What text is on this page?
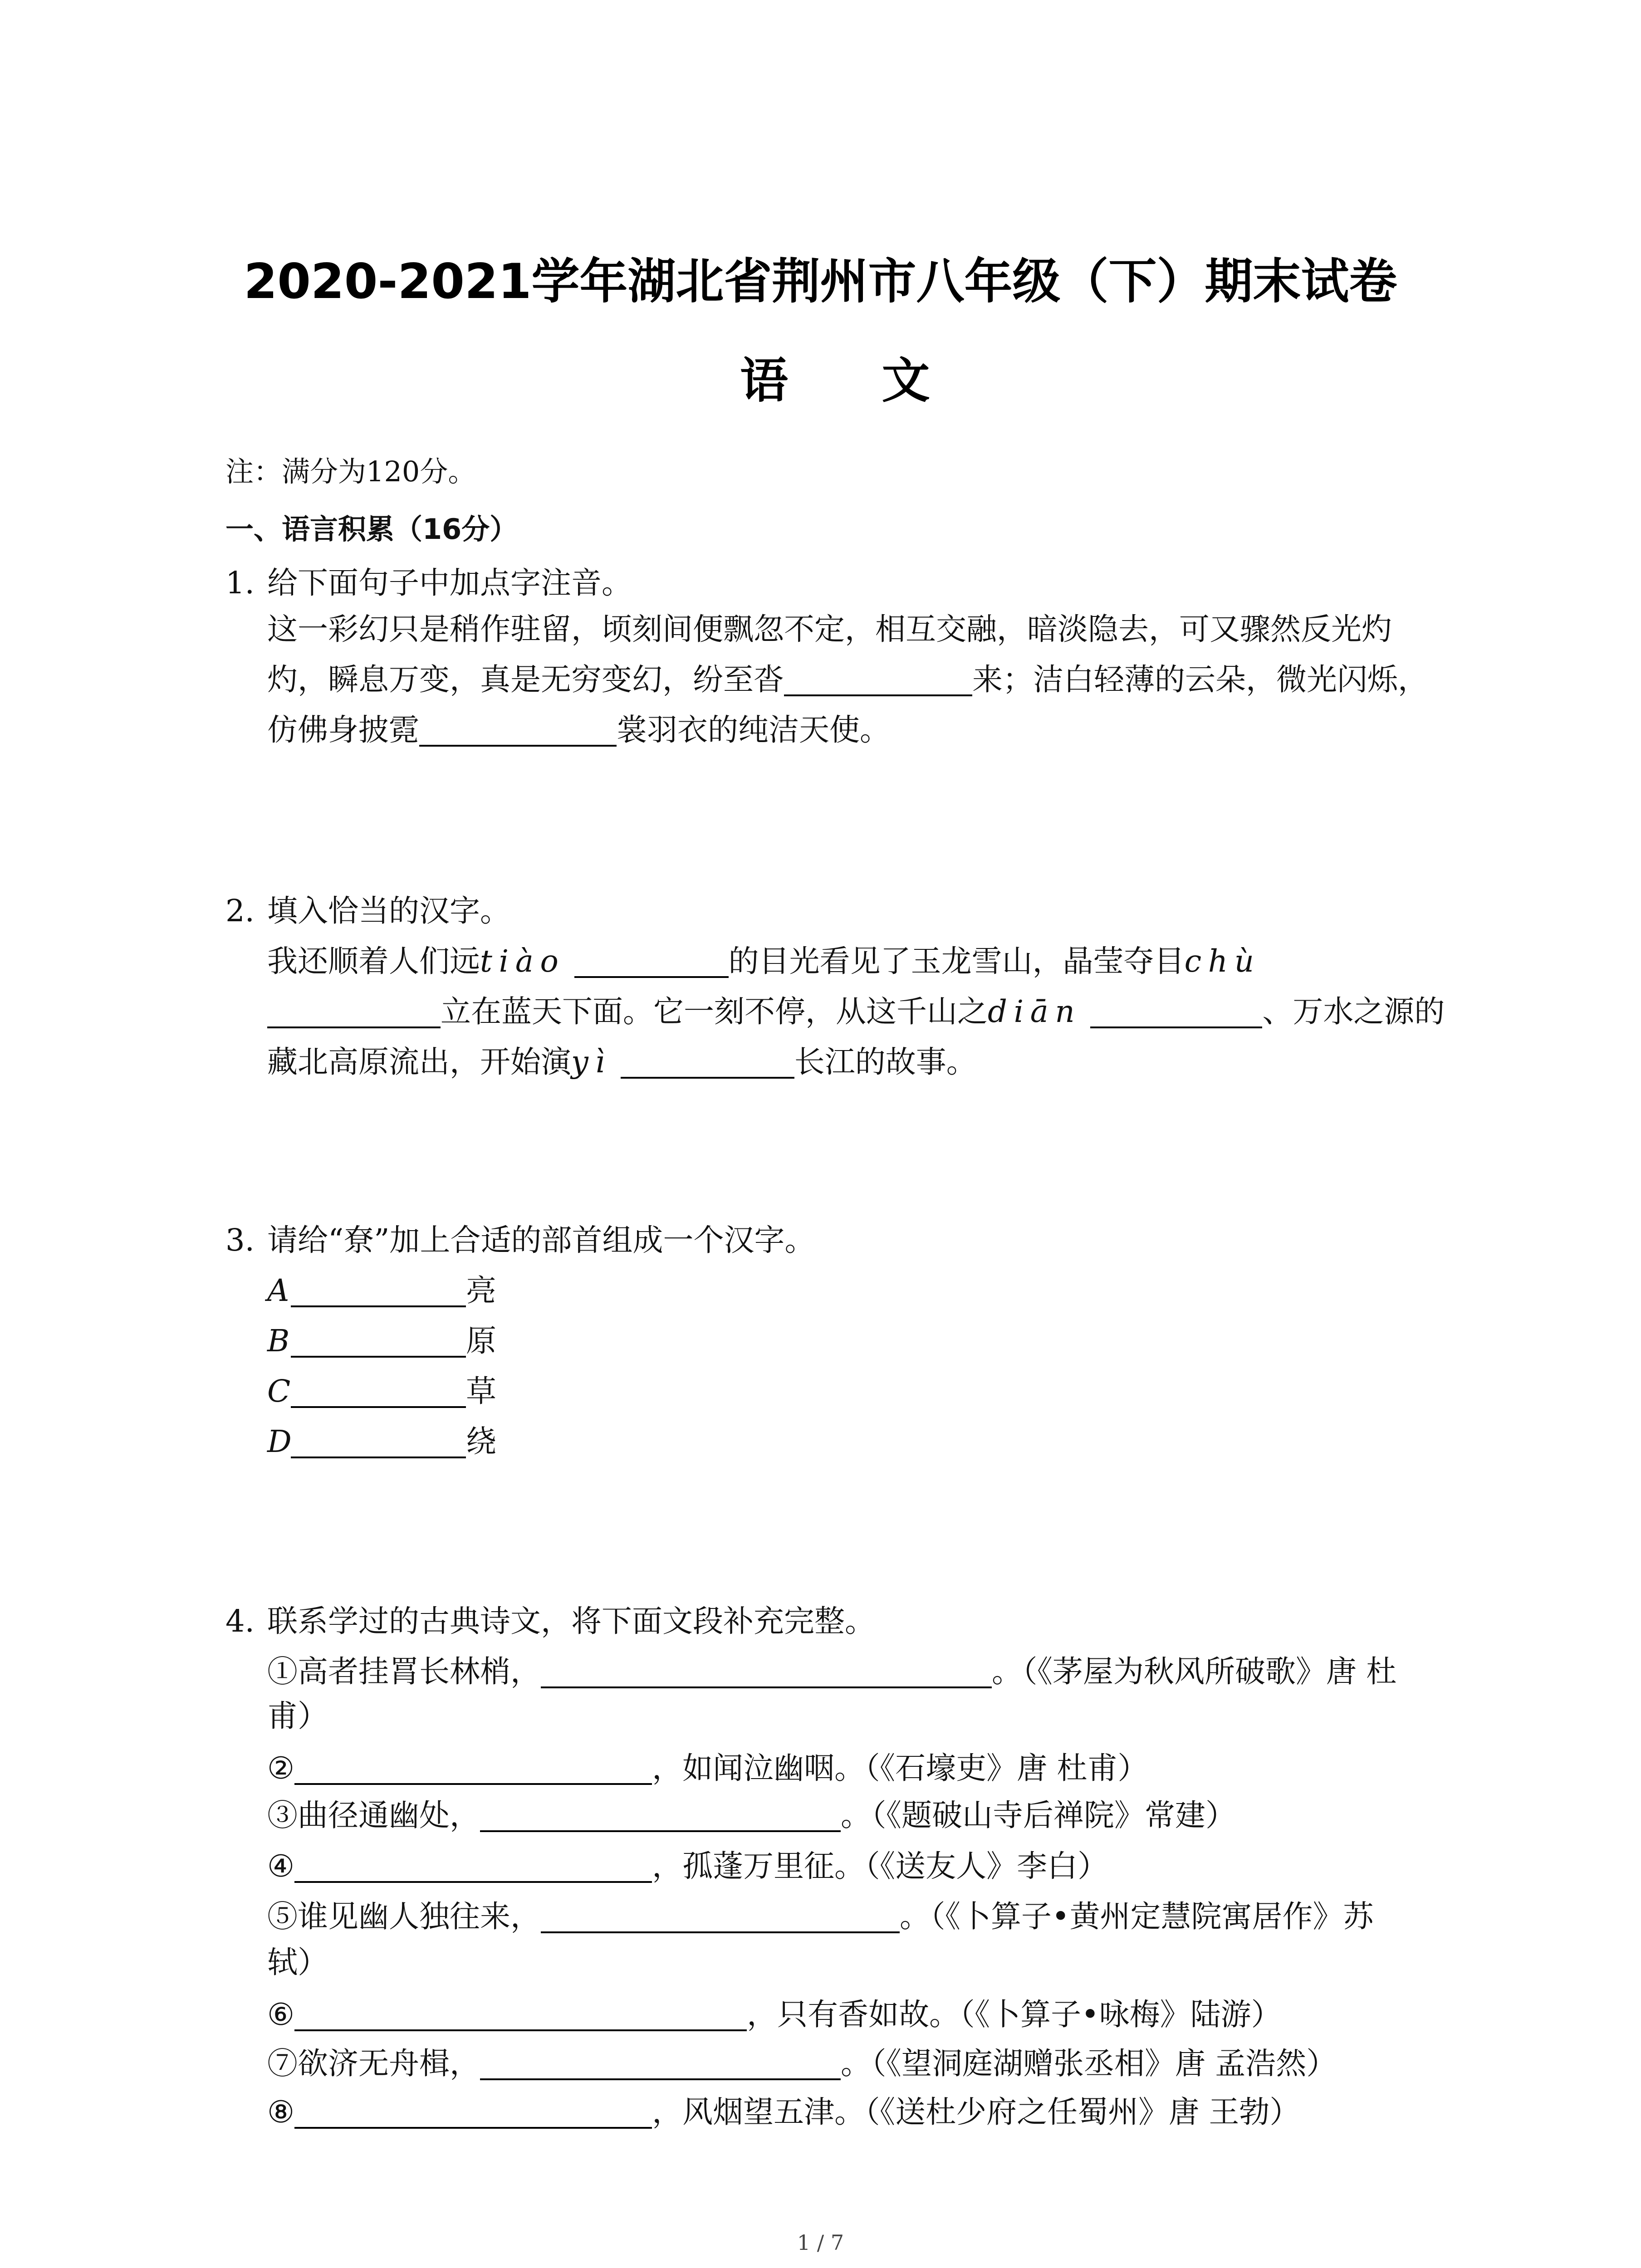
2020-2021学年湖北省荆州市八年级（下）期末试卷
语 文
注：满分为120分。
一、语言积累（16分）
1. 给下面句子中加点字注音。
这一彩幻只是稍作驻留，顷刻间便飘忽不定，相互交融，暗淡隐去，可又骤然反光灼
灼，瞬息万变，真是无穷变幻，纷至沓	来；洁白轻薄的云朵，微光闪烁，
仿佛身披霓	裳羽衣的纯洁天使。
2. 填入恰当的汉字。
我还顺着人们远tiào	的目光看见了玉龙雪山，晶莹夺目chù
立在蓝天下面。它一刻不停，从这千山之diān	、万水之源的
藏北高原流出，开始演yì	长江的故事。
3. 请给“尞”加上合适的部首组成一个汉字。
A	亮
B	原
C	草
D	绕
4. 联系学过的古典诗文，将下面文段补充完整。
①高者挂罥长林梢，	。（《茅屋为秋风所破歌》唐 杜
甫）
②	，如闻泣幽咽。（《石壕吏》唐 杜甫）
③曲径通幽处，	。（《题破山寺后禅院》常建）
④	，孤蓬万里征。（《送友人》李白）
⑤谁见幽人独往来，	。（《卜算子•黄州定慧院寓居作》苏
轼）
⑥	，只有香如故。（《卜算子•咏梅》陆游）
⑦欲济无舟楫，	。（《望洞庭湖赠张丞相》唐 孟浩然）
⑧	，风烟望五津。（《送杜少府之任蜀州》唐 王勃）
1 / 7
